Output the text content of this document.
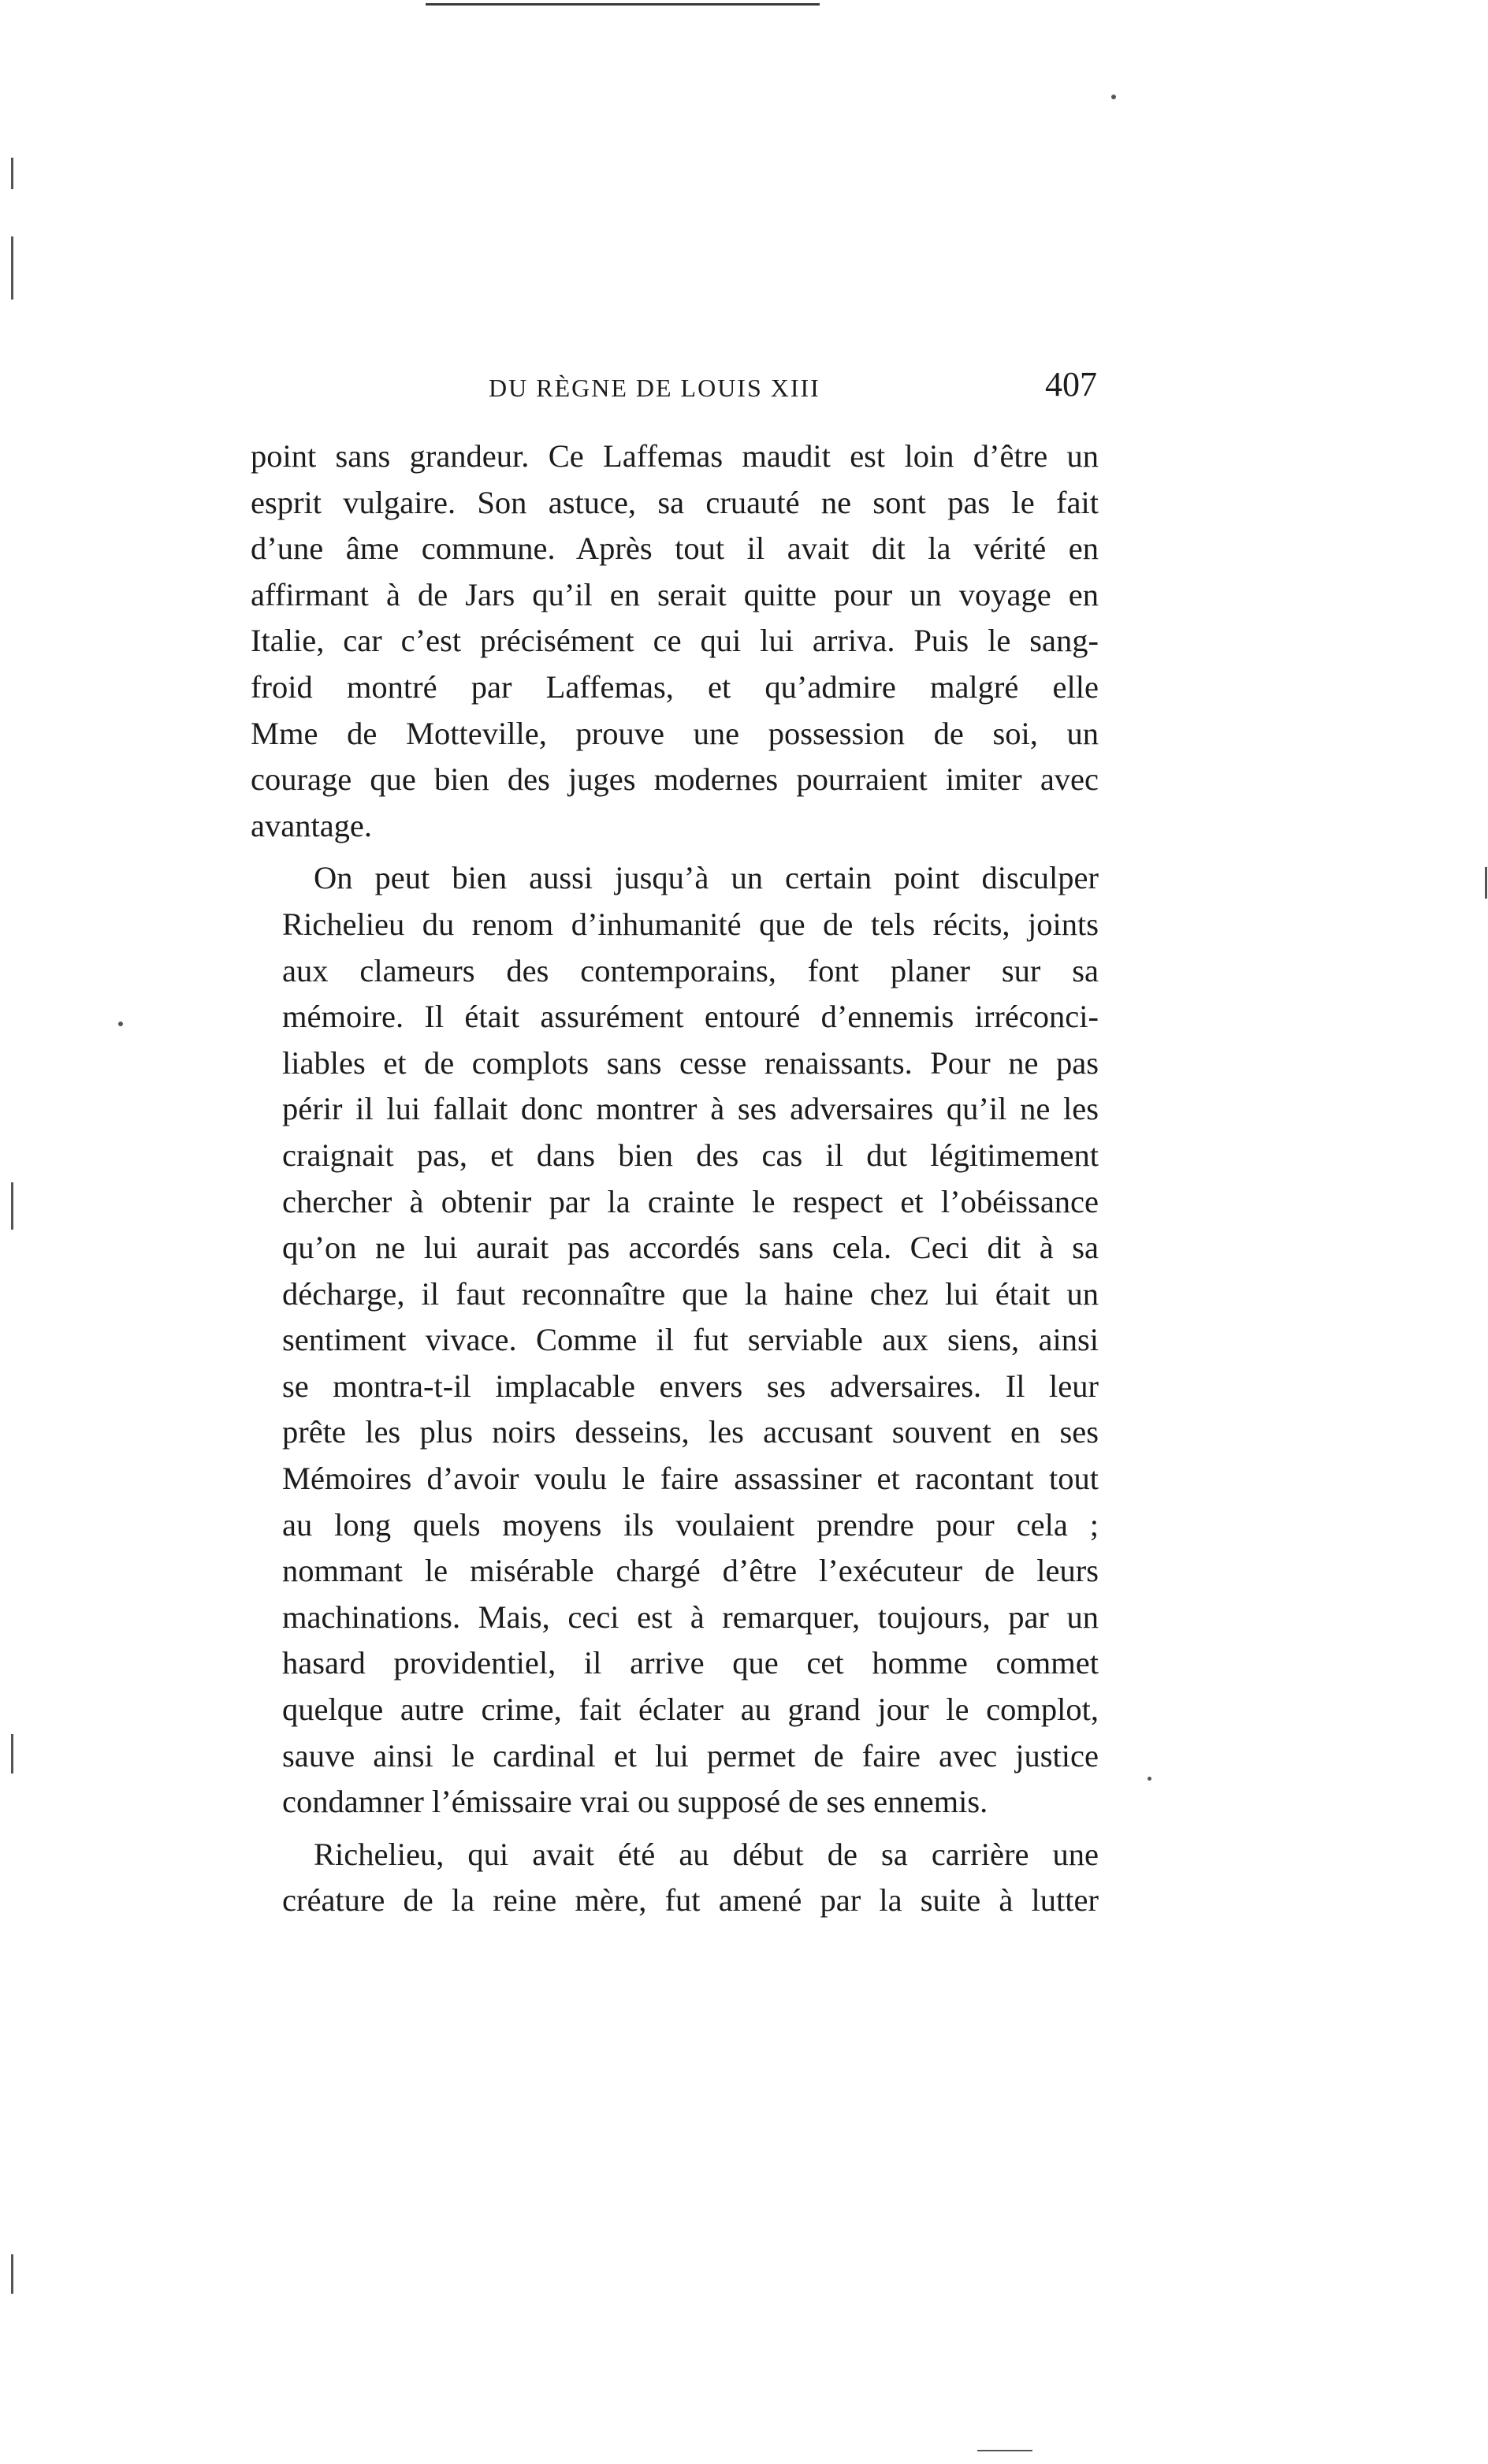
DU RÈGNE DE LOUIS XIII	407

point sans grandeur. Ce Laffemas maudit est loin d’être un
esprit vulgaire. Son astuce, sa cruauté ne sont pas le fait
d’une âme commune. Après tout il avait dit la vérité en
affirmant à de Jars qu’il en serait quitte pour un voyage en
Italie, car c’est précisément ce qui lui arriva. Puis le sang-
froid montré par Laffemas, et qu’admire malgré elle
Mme de Motteville, prouve une possession de soi, un
courage que bien des juges modernes pourraient imiter avec
avantage.

On peut bien aussi jusqu’à un certain point disculper
Richelieu du renom d’inhumanité que de tels récits, joints
aux clameurs des contemporains, font planer sur sa
mémoire. Il était assurément entouré d’ennemis irréconci-
liables et de complots sans cesse renaissants. Pour ne pas
périr il lui fallait donc montrer à ses adversaires qu’il ne les
craignait pas, et dans bien des cas il dut légitimement
chercher à obtenir par la crainte le respect et l’obéissance
qu’on ne lui aurait pas accordés sans cela. Ceci dit à sa
décharge, il faut reconnaître que la haine chez lui était un
sentiment vivace. Comme il fut serviable aux siens, ainsi
se montra-t-il implacable envers ses adversaires. Il leur
prête les plus noirs desseins, les accusant souvent en ses
Mémoires d’avoir voulu le faire assassiner et racontant tout
au long quels moyens ils voulaient prendre pour cela ;
nommant le misérable chargé d’être l’exécuteur de leurs
machinations. Mais, ceci est à remarquer, toujours, par un
hasard providentiel, il arrive que cet homme commet
quelque autre crime, fait éclater au grand jour le complot,
sauve ainsi le cardinal et lui permet de faire avec justice
condamner l’émissaire vrai ou supposé de ses ennemis.

Richelieu, qui avait été au début de sa carrière une
créature de la reine mère, fut amené par la suite à lutter
